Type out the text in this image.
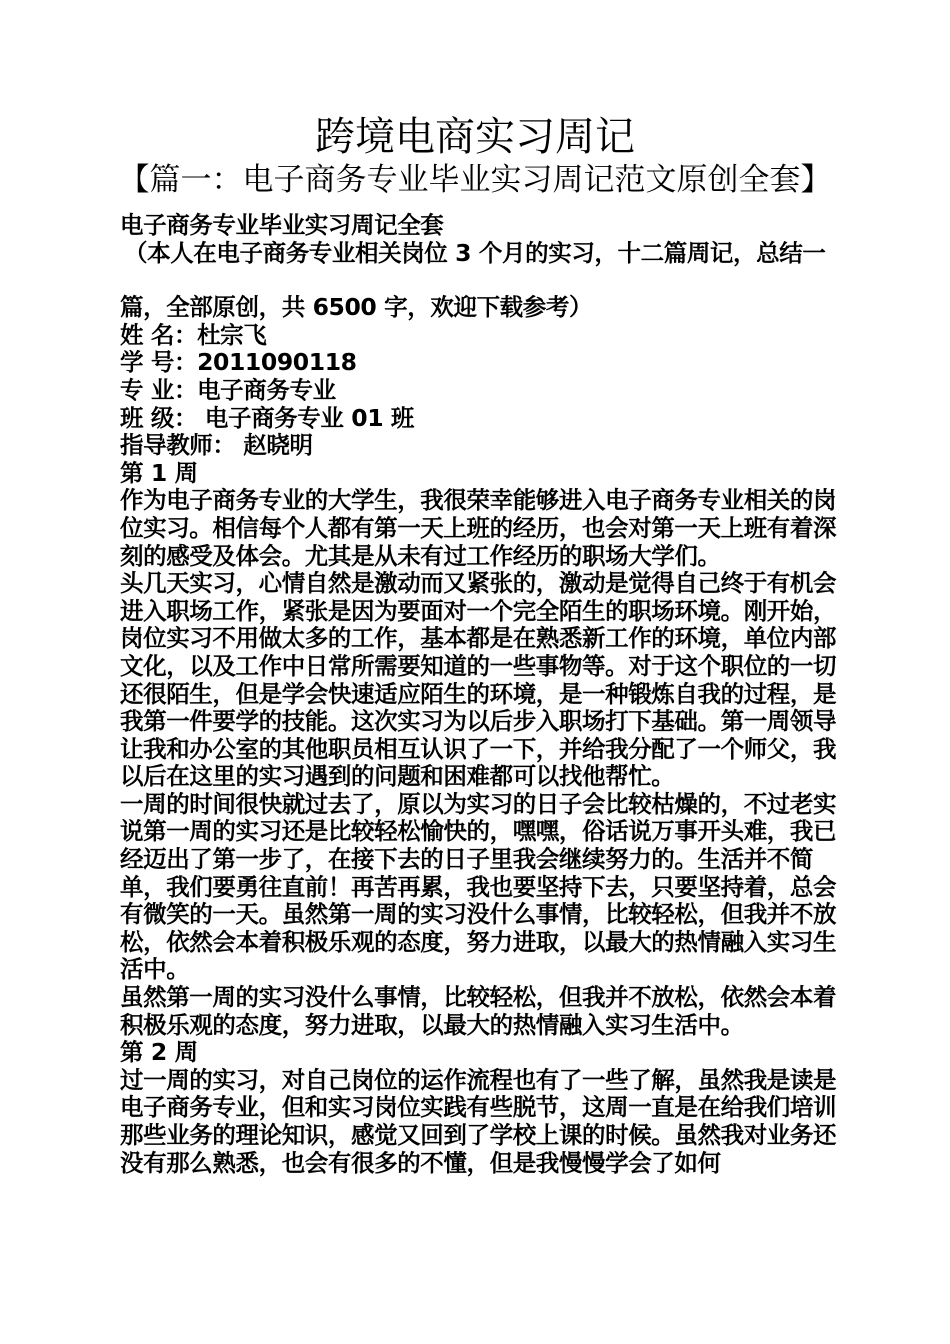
跨境电商实习周记
【篇一：电子商务专业毕业实习周记范文原创全套】

电子商务专业毕业实习周记全套

（本人在电子商务专业相关岗位 3 个月的实习，十二篇周记，总结一

篇，全部原创，共 6500 字，欢迎下载参考）

姓 名：杜宗飞

学 号：2011090118

专 业：电子商务专业

班 级： 电子商务专业 01 班

指导教师： 赵晓明

第 1 周

作为电子商务专业的大学生，我很荣幸能够进入电子商务专业相关的岗位实习。相信每个人都有第一天上班的经历，也会对第一天上班有着深刻的感受及体会。尤其是从未有过工作经历的职场大学们。

头几天实习，心情自然是激动而又紧张的，激动是觉得自己终于有机会进入职场工作，紧张是因为要面对一个完全陌生的职场环境。刚开始，岗位实习不用做太多的工作，基本都是在熟悉新工作的环境，单位内部文化，以及工作中日常所需要知道的一些事物等。对于这个职位的一切还很陌生，但是学会快速适应陌生的环境，是一种锻炼自我的过程，是我第一件要学的技能。这次实习为以后步入职场打下基础。第一周领导让我和办公室的其他职员相互认识了一下，并给我分配了一个师父，我以后在这里的实习遇到的问题和困难都可以找他帮忙。

一周的时间很快就过去了，原以为实习的日子会比较枯燥的，不过老实说第一周的实习还是比较轻松愉快的，嘿嘿，俗话说万事开头难，我已经迈出了第一步了，在接下去的日子里我会继续努力的。生活并不简单，我们要勇往直前！再苦再累，我也要坚持下去，只要坚持着，总会有微笑的一天。虽然第一周的实习没什么事情，比较轻松，但我并不放松，依然会本着积极乐观的态度，努力进取，以最大的热情融入实习生活中。

虽然第一周的实习没什么事情，比较轻松，但我并不放松，依然会本着积极乐观的态度，努力进取，以最大的热情融入实习生活中。

第 2 周

过一周的实习，对自己岗位的运作流程也有了一些了解，虽然我是读是电子商务专业，但和实习岗位实践有些脱节，这周一直是在给我们培训那些业务的理论知识，感觉又回到了学校上课的时候。虽然我对业务还没有那么熟悉，也会有很多的不懂，但是我慢慢学会了如何
